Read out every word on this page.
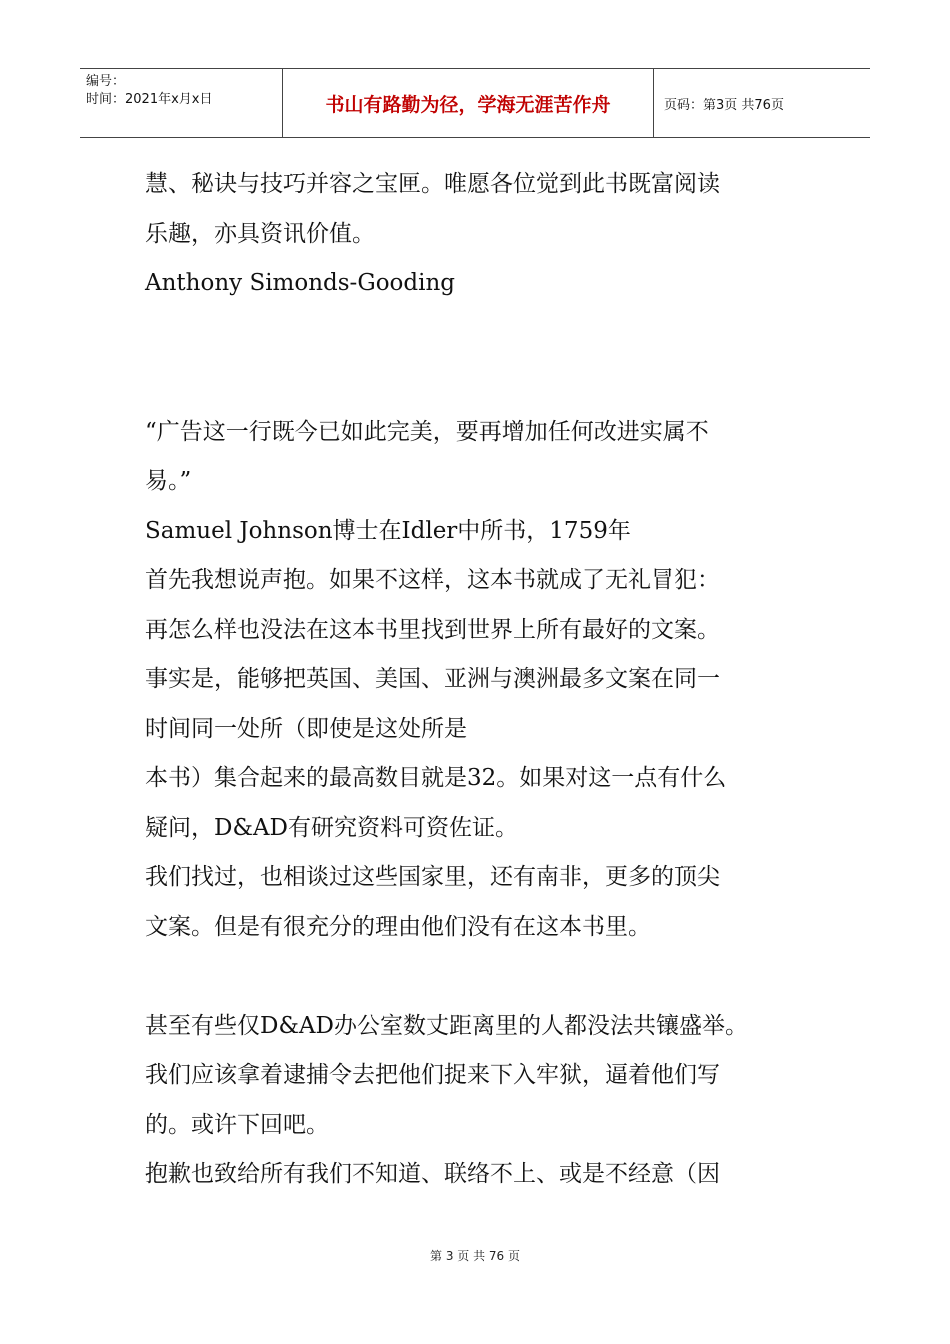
编号：
时间：2021年x月x日	书山有路勤为径，学海无涯苦作舟	页码：第3页 共76页
慧、秘诀与技巧并容之宝匣。唯愿各位觉到此书既富阅读
乐趣，亦具资讯价值。
Anthony Simonds-Gooding
“广告这一行既今已如此完美，要再增加任何改进实属不
易。”
Samuel Johnson博士在Idler中所书，1759年
首先我想说声抱。如果不这样，这本书就成了无礼冒犯：
再怎么样也没法在这本书里找到世界上所有最好的文案。
事实是，能够把英国、美国、亚洲与澳洲最多文案在同一
时间同一处所（即使是这处所是
本书）集合起来的最高数目就是32。如果对这一点有什么
疑问，D&AD有研究资料可资佐证。
我们找过，也相谈过这些国家里，还有南非，更多的顶尖
文案。但是有很充分的理由他们没有在这本书里。
甚至有些仅D&AD办公室数丈距离里的人都没法共镶盛举。
我们应该拿着逮捕令去把他们捉来下入牢狱，逼着他们写
的。或许下回吧。
抱歉也致给所有我们不知道、联络不上、或是不经意（因
第 3 页 共 76 页
